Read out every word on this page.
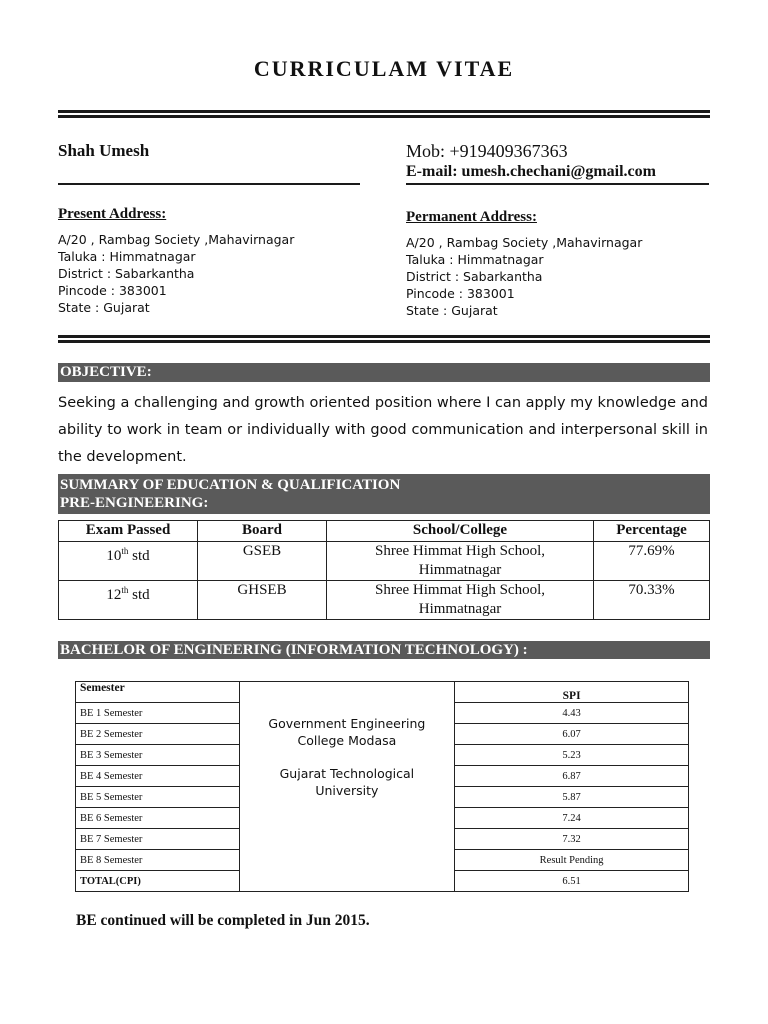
CURRICULAM VITAE
Shah Umesh	Mob: +919409367363
E-mail: umesh.chechani@gmail.com
Present Address:
A/20 , Rambag Society ,Mahavirnagar
Taluka : Himmatnagar
District : Sabarkantha
Pincode : 383001
State : Gujarat
Permanent Address:
A/20 , Rambag Society ,Mahavirnagar
Taluka : Himmatnagar
District : Sabarkantha
Pincode : 383001
State : Gujarat
OBJECTIVE:
Seeking a challenging and growth oriented position where I can apply my knowledge and ability to work in team or individually with good communication and interpersonal skill in the development.
SUMMARY OF EDUCATION & QUALIFICATION
PRE-ENGINEERING:
Exam Passed	Board	School/College	Percentage
10th std	GSEB	Shree Himmat High School,
Himmatnagar	77.69%
12th std	GHSEB	Shree Himmat High School,
Himmatnagar	70.33%
BACHELOR OF ENGINEERING (INFORMATION TECHNOLOGY) :
Semester	Government Engineering
College Modasa
Gujarat Technological
University	SPI
BE 1 Semester		4.43
BE 2 Semester		6.07
BE 3 Semester		5.23
BE 4 Semester		6.87
BE 5 Semester		5.87
BE 6 Semester		7.24
BE 7 Semester		7.32
BE 8 Semester		Result Pending
TOTAL(CPI)		6.51
BE continued will be completed in Jun 2015.
